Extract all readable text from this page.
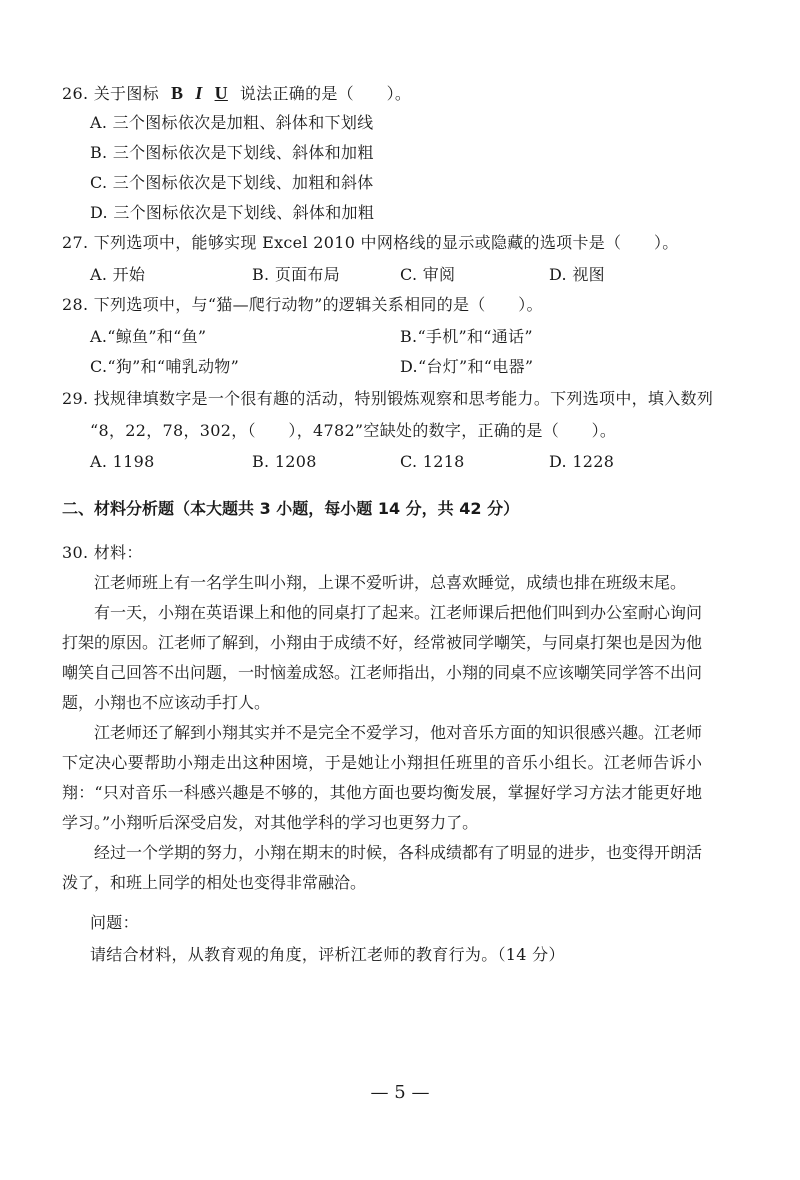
26. 关于图标 B I U 说法正确的是（　　）。
A. 三个图标依次是加粗、斜体和下划线
B. 三个图标依次是下划线、斜体和加粗
C. 三个图标依次是下划线、加粗和斜体
D. 三个图标依次是下划线、斜体和加粗
27. 下列选项中，能够实现 Excel 2010 中网格线的显示或隐藏的选项卡是（　　）。
A. 开始	B. 页面布局	C. 审阅	D. 视图
28. 下列选项中，与“猫—爬行动物”的逻辑关系相同的是（　　）。
A.“鲸鱼”和“鱼”	B.“手机”和“通话”
C.“狗”和“哺乳动物”	D.“台灯”和“电器”
29. 找规律填数字是一个很有趣的活动，特别锻炼观察和思考能力。下列选项中，填入数列
“8，22，78，302，（　　），4782”空缺处的数字，正确的是（　　）。
A. 1198	B. 1208	C. 1218	D. 1228
二、材料分析题（本大题共 3 小题，每小题 14 分，共 42 分）
30. 材料：
江老师班上有一名学生叫小翔，上课不爱听讲，总喜欢睡觉，成绩也排在班级末尾。
有一天，小翔在英语课上和他的同桌打了起来。江老师课后把他们叫到办公室耐心询问打架的原因。江老师了解到，小翔由于成绩不好，经常被同学嘲笑，与同桌打架也是因为他嘲笑自己回答不出问题，一时恼羞成怒。江老师指出，小翔的同桌不应该嘲笑同学答不出问题，小翔也不应该动手打人。
江老师还了解到小翔其实并不是完全不爱学习，他对音乐方面的知识很感兴趣。江老师下定决心要帮助小翔走出这种困境，于是她让小翔担任班里的音乐小组长。江老师告诉小翔：“只对音乐一科感兴趣是不够的，其他方面也要均衡发展，掌握好学习方法才能更好地学习。”小翔听后深受启发，对其他学科的学习也更努力了。
经过一个学期的努力，小翔在期末的时候，各科成绩都有了明显的进步，也变得开朗活泼了，和班上同学的相处也变得非常融洽。
问题：
请结合材料，从教育观的角度，评析江老师的教育行为。（14 分）
— 5 —
